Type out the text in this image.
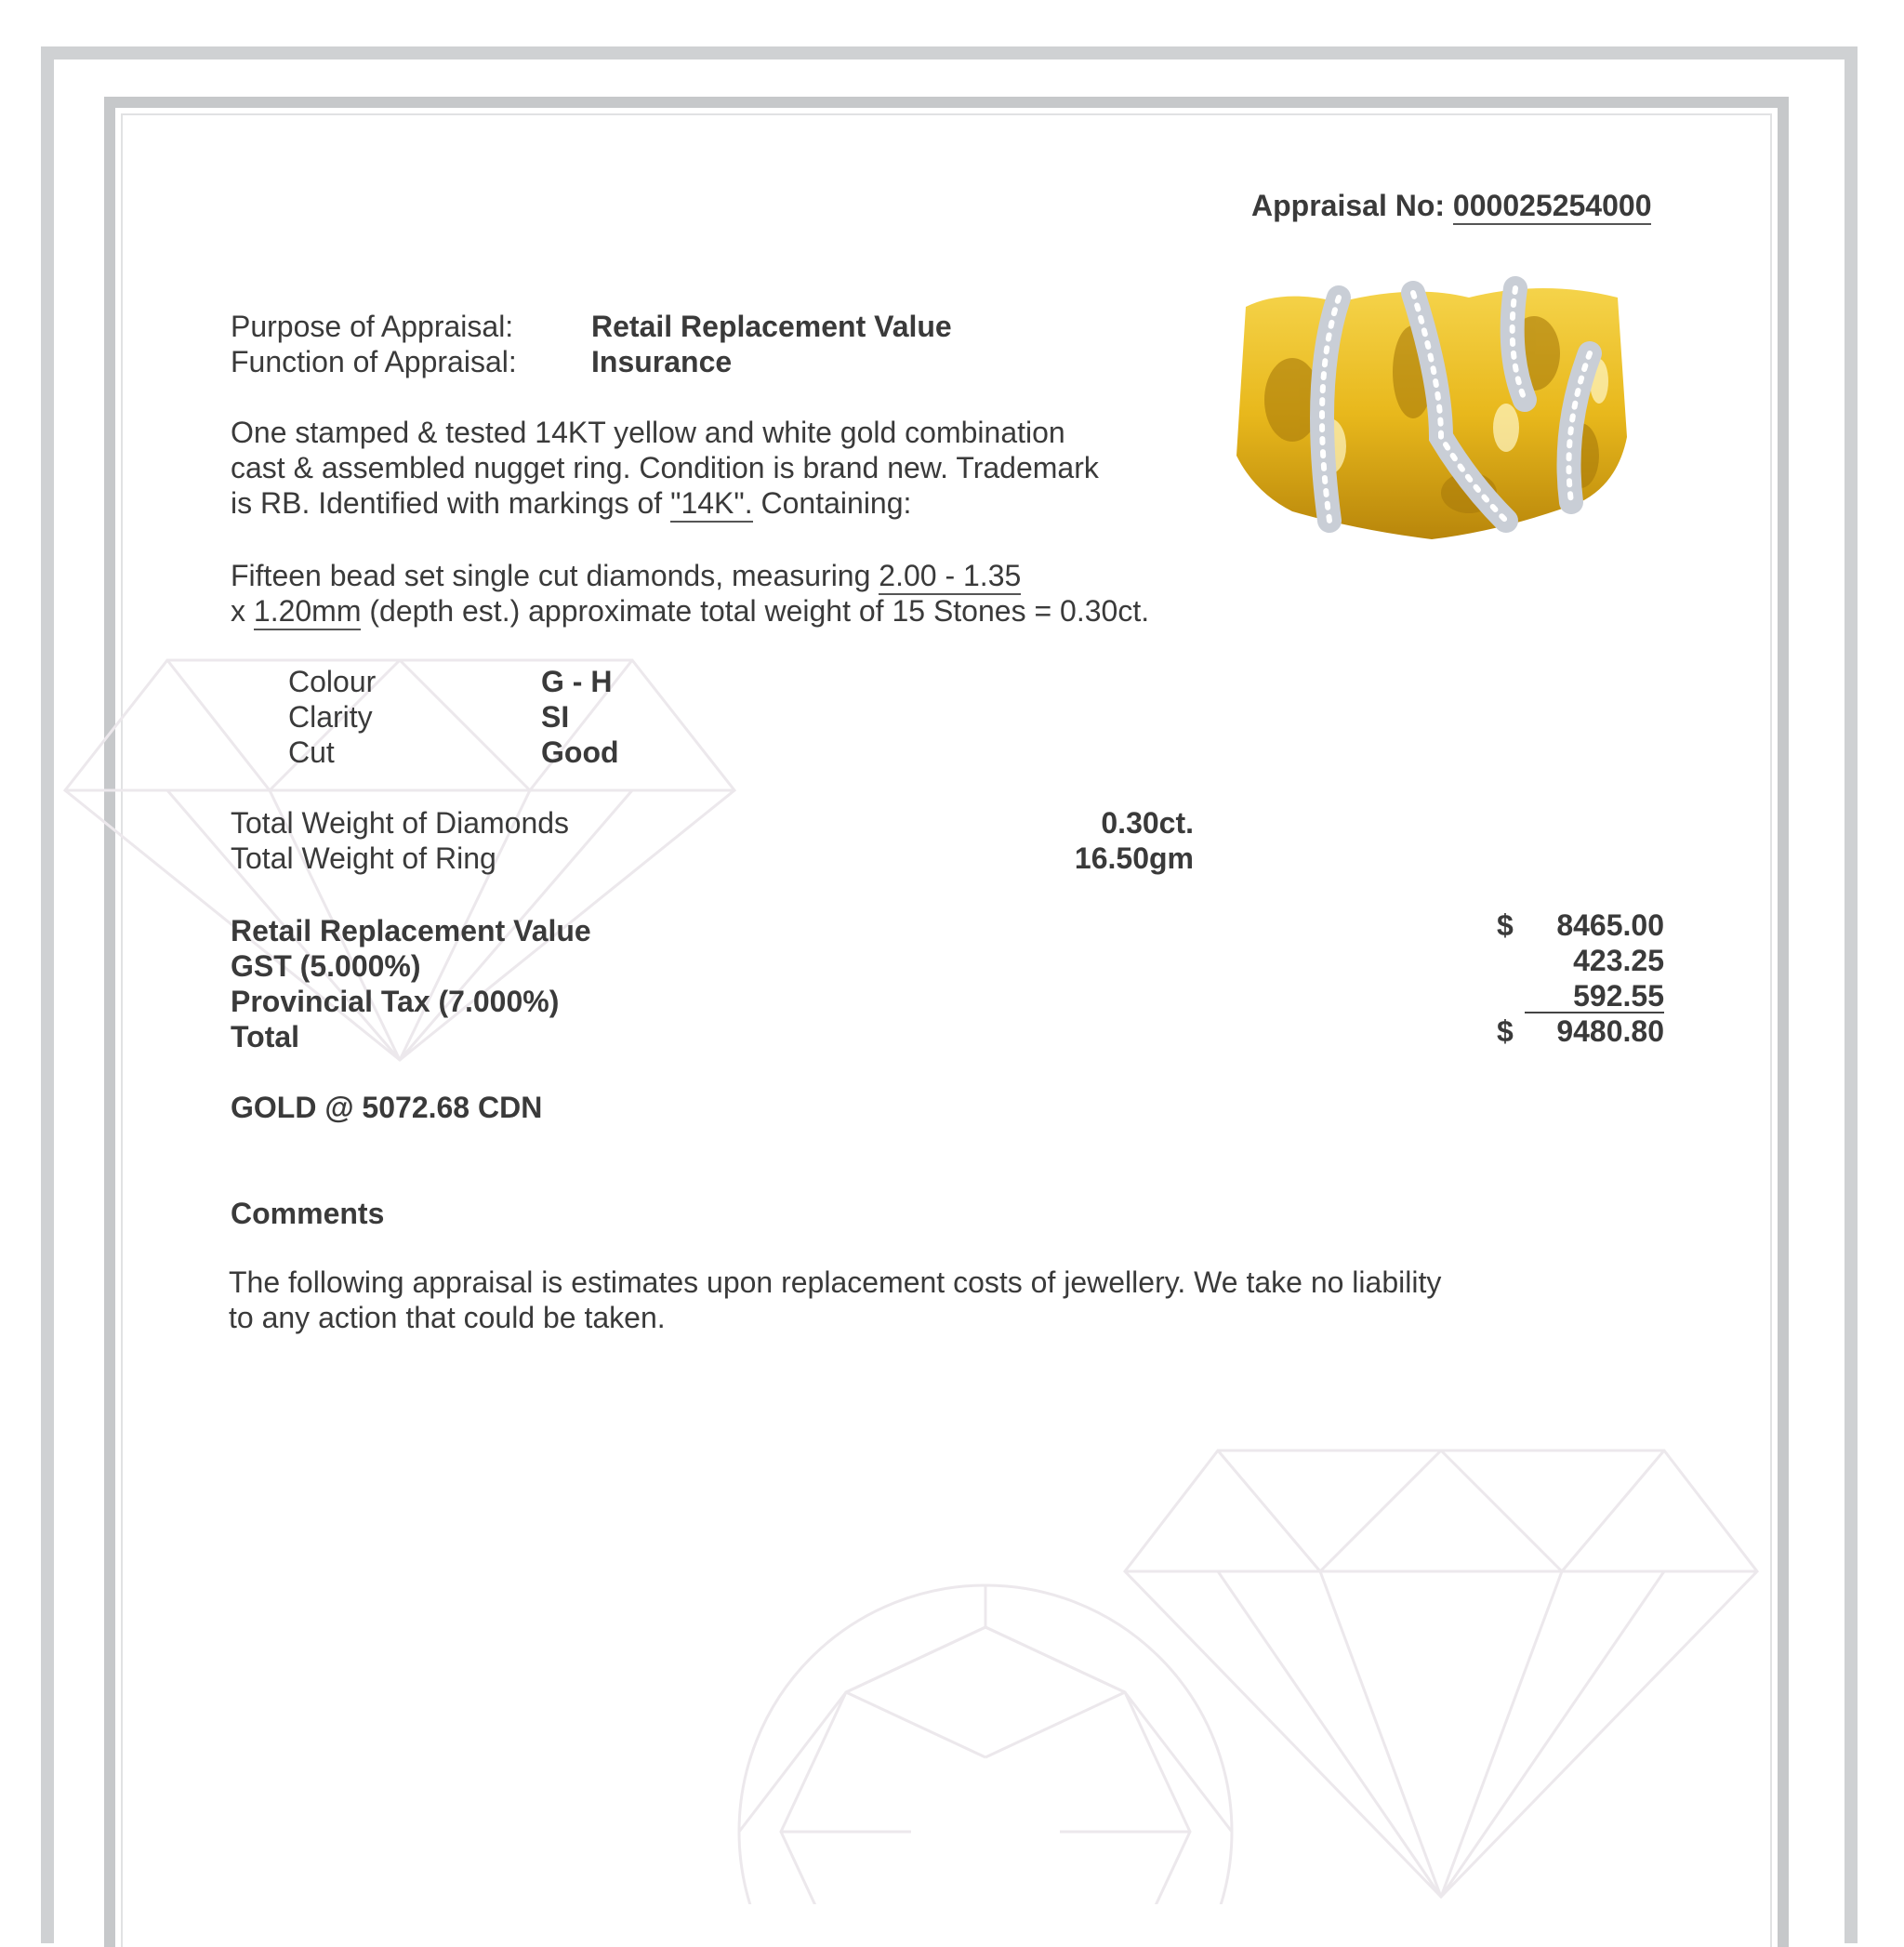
Appraisal No: 000025254000
Purpose of Appraisal:	Retail Replacement Value
Function of Appraisal:	Insurance
One stamped & tested 14KT yellow and white gold combination
cast & assembled nugget ring. Condition is brand new. Trademark
is RB. Identified with markings of "14K". Containing:
Fifteen bead set single cut diamonds, measuring 2.00 - 1.35
x 1.20mm (depth est.) approximate total weight of 15 Stones = 0.30ct.
Colour	G - H
Clarity	SI
Cut	Good
Total Weight of Diamonds	0.30ct.
Total Weight of Ring	16.50gm
Retail Replacement Value	$	8465.00
GST (5.000%)	423.25
Provincial Tax (7.000%)	592.55
Total	$	9480.80
GOLD @ 5072.68 CDN
Comments
The following appraisal is estimates upon replacement costs of jewellery. We take no liability
to any action that could be taken.
